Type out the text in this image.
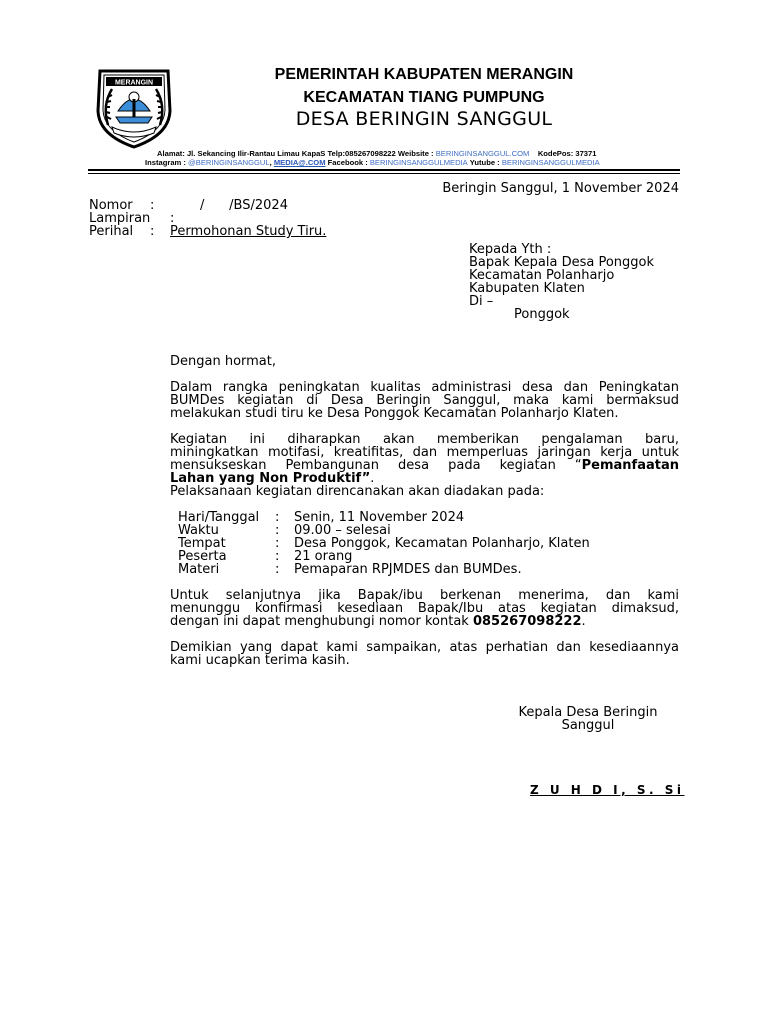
MERANGIN	PEMERINTAH KABUPATEN MERANGIN
KECAMATAN TIANG PUMPUNG
DESA BERINGIN SANGGUL
Alamat: Jl. Sekancing Ilir-Rantau Limau KapaS Telp:085267098222 Weibsite : BERINGINSANGGUL.COM KodePos: 37371
Instagram : @BERINGINSANGGUL, MEDIA@.COM Facebook : BERINGINSANGGULMEDIA Yutube : BERINGINSANGGULMEDIA
Beringin Sanggul, 1 November 2024
Nomor :	/      /BS/2024
Lampiran :
Perihal : Permohonan Study Tiru.
Kepada Yth :
Bapak Kepala Desa Ponggok
Kecamatan Polanharjo
Kabupaten Klaten
Di –
Ponggok
Dengan hormat,
Dalam rangka peningkatan kualitas administrasi desa dan Peningkatan
BUMDes kegiatan di Desa Beringin Sanggul, maka kami bermaksud
melakukan studi tiru ke Desa Ponggok Kecamatan Polanharjo Klaten.
Kegiatan ini diharapkan akan memberikan pengalaman baru,
miningkatkan motifasi, kreatifitas, dan memperluas jaringan kerja untuk
mensukseskan Pembangunan desa pada kegiatan “Pemanfaatan
Lahan yang Non Produktif”.
Pelaksanaan kegiatan direncanakan akan diadakan pada:
Hari/Tanggal : Senin, 11 November 2024
Waktu	: 09.00 – selesai
Tempat	: Desa Ponggok, Kecamatan Polanharjo, Klaten
Peserta	: 21 orang
Materi	: Pemaparan RPJMDES dan BUMDes.
Untuk selanjutnya jika Bapak/ibu berkenan menerima, dan kami
menunggu konfirmasi kesediaan Bapak/Ibu atas kegiatan dimaksud,
dengan ini dapat menghubungi nomor kontak 085267098222.
Demikian yang dapat kami sampaikan, atas perhatian dan kesediaannya
kami ucapkan terima kasih.
Kepala Desa Beringin
Sanggul
Z U H D I, S. Si
